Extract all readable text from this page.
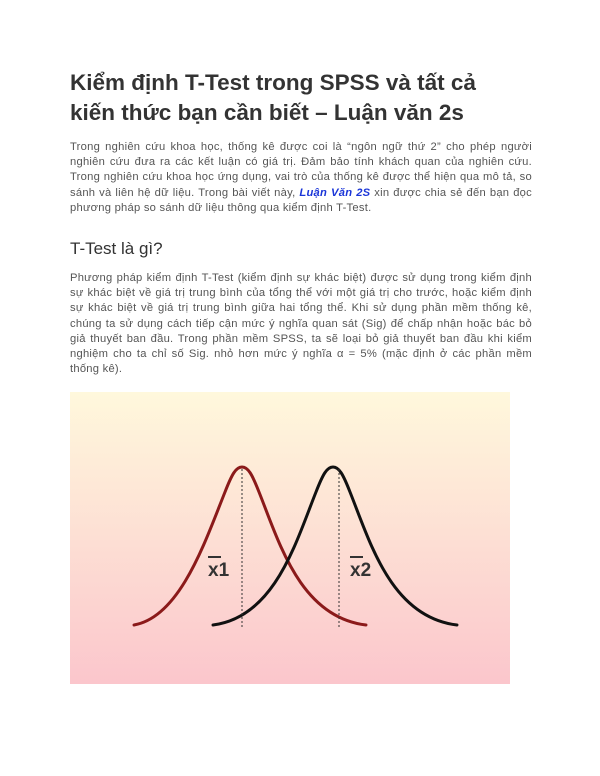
Kiểm định T-Test trong SPSS và tất cả
kiến thức bạn cần biết – Luận văn 2s

Trong nghiên cứu khoa học, thống kê được coi là “ngôn ngữ thứ 2” cho phép người nghiên cứu đưa ra các kết luận có giá trị. Đảm bảo tính khách quan của nghiên cứu. Trong nghiên cứu khoa học ứng dụng, vai trò của thống kê được thể hiện qua mô tả, so sánh và liên hệ dữ liệu. Trong bài viết này, Luận Văn 2S xin được chia sẻ đến bạn đọc phương pháp so sánh dữ liệu thông qua kiểm định T-Test.

T-Test là gì?

Phương pháp kiểm định T-Test (kiểm định sự khác biệt) được sử dụng trong kiểm định sự khác biệt về giá trị trung bình của tổng thể với một giá trị cho trước, hoặc kiểm định sự khác biệt về giá trị trung bình giữa hai tổng thể. Khi sử dụng phần mềm thống kê, chúng ta sử dụng cách tiếp cận mức ý nghĩa quan sát (Sig) để chấp nhận hoặc bác bỏ giả thuyết ban đầu. Trong phần mềm SPSS, ta sẽ loại bỏ giả thuyết ban đầu khi kiểm nghiệm cho ta chỉ số Sig. nhỏ hơn mức ý nghĩa α = 5% (mặc định ở các phần mềm thống kê).

x1	x2
